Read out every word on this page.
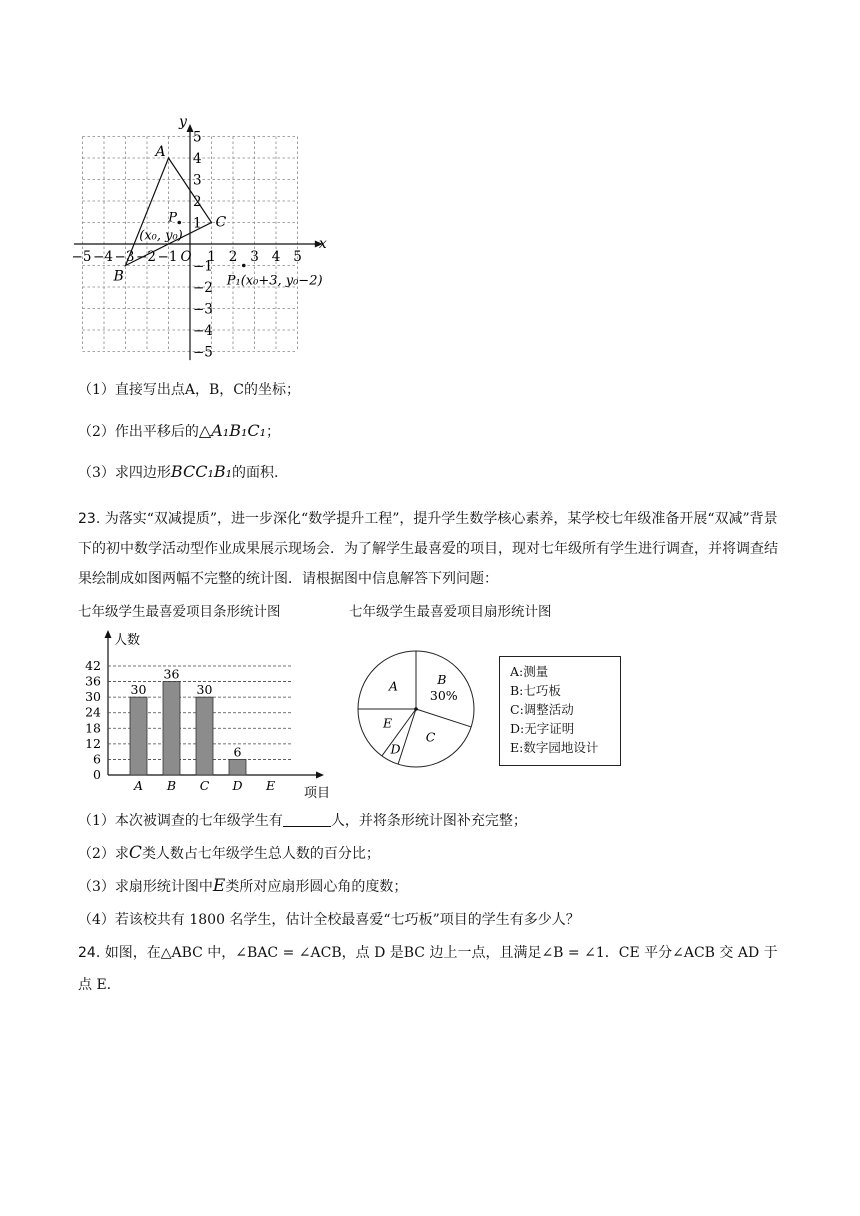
x
y
−5 −4 −3 −2 −1 O 1 2 3 4 5
5
4
3
2
1
−1
−2
−3
−4
−5
A
B
C
P
(x₀, y₀)
P₁(x₀+3, y₀−2)
（1）直接写出点A，B，C的坐标；
（2）作出平移后的△A₁B₁C₁；
（3）求四边形BCC₁B₁的面积.
23. 为落实“双减提质”，进一步深化“数学提升工程”，提升学生数学核心素养，某学校七年级准备开展“双减”背景下的初中数学活动型作业成果展示现场会．为了解学生最喜爱的项目，现对七年级所有学生进行调查，并将调查结果绘制成如图两幅不完整的统计图．请根据图中信息解答下列问题：
七年级学生最喜爱项目条形统计图	七年级学生最喜爱项目扇形统计图
人数
项目
0
6
12
18
24
30
36
42
30
A
36
B
30
C
6
D E
A	B
30%
C
D
E
A:测量
B:七巧板
C:调整活动
D:无字证明
E:数字园地设计
（1）本次被调查的七年级学生有	人，并将条形统计图补充完整；
（2）求C类人数占七年级学生总人数的百分比；
（3）求扇形统计图中E类所对应扇形圆心角的度数；
（4）若该校共有 1800 名学生，估计全校最喜爱“七巧板”项目的学生有多少人？
24. 如图，在△ABC 中，∠BAC = ∠ACB，点 D 是BC 边上一点，且满足∠B = ∠1．CE 平分∠ACB 交 AD 于
点 E.
